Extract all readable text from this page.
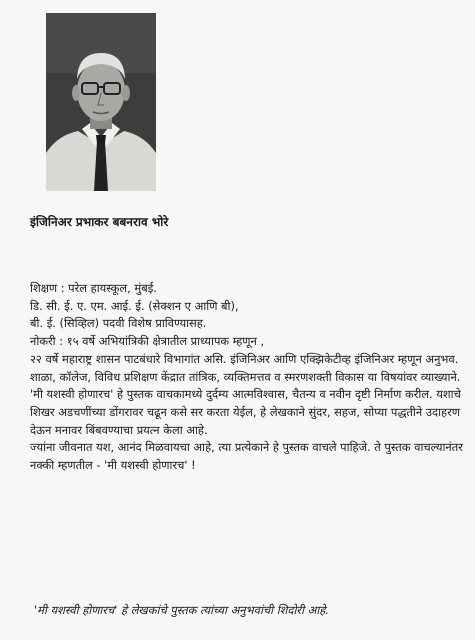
इंजिनिअर प्रभाकर बबनराव भोरे

शिक्षण : परेल हायस्कूल, मुंबई.

डि. सी. ई. ए. एम. आई. ई. (सेक्शन ए आणि बी),

बी. ई. (सिव्हिल) पदवी विशेष प्राविण्यासह.

नोकरी : १५ वर्षे अभियांत्रिकी क्षेत्रातील प्राध्यापक म्हणून ,

२२ वर्षे महाराष्ट्र शासन पाटबंधारे विभागांत असि. इंजिनिअर आणि एक्झिकेटीव्ह इंजिनिअर म्हणून अनुभव.

शाळा, कॉलेज, विविध प्रशिक्षण केंद्रात तांत्रिक, व्यक्तिमत्तव व स्मरणशक्ती विकास या विषयांवर व्याख्याने.

'मी यशस्वी होणारच' हे पुस्तक वाचकामध्ये दुर्दम्य आत्मविश्वास, चैतन्य व नवीन दृष्टी निर्माण करील. यशाचे शिखर अडचणींच्या डोंगरावर चढून कसे सर करता येईल, हे लेखकाने सुंदर, सहज, सोप्या पद्धतीने उदाहरण देऊन मनावर बिंबवण्याचा प्रयत्न केला आहे.

ज्यांना जीवनात यश, आनंद मिळवायचा आहे, त्या प्रत्येकाने हे पुस्तक वाचले पाहिजे. ते पुस्तक वाचल्यानंतर नक्की म्हणतील - 'मी यशस्वी होणारच' !

'मी यशस्वी होणारच' हे लेखकांचे पुस्तक त्यांच्या अनुभवांची शिदोरी आहे.
